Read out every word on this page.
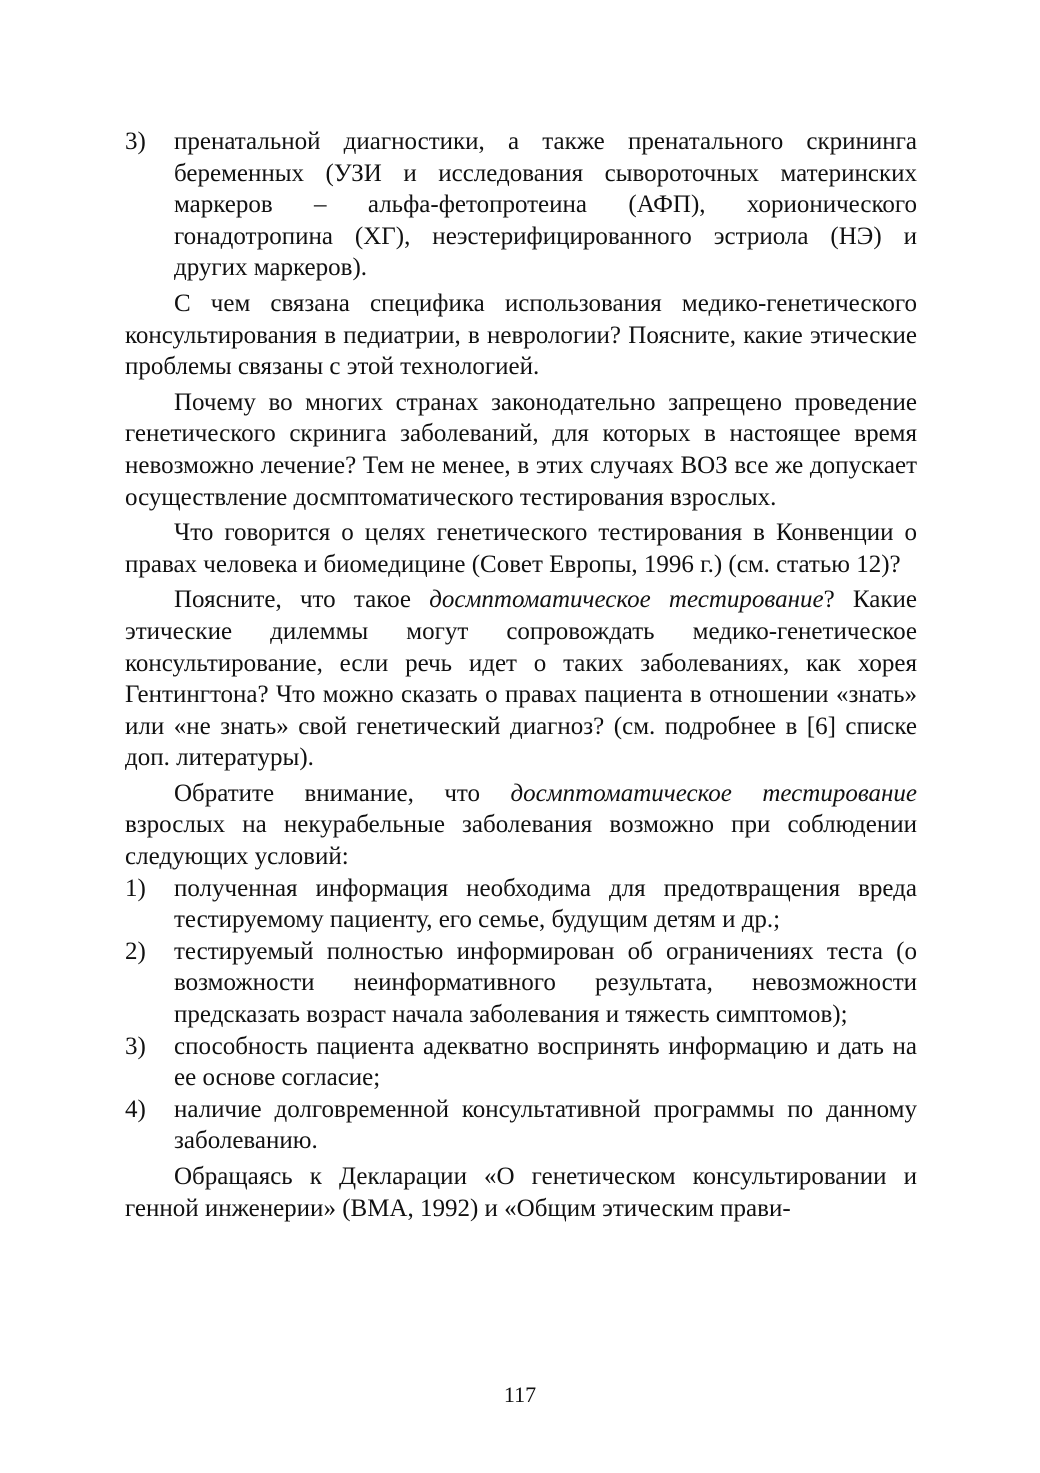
3)	пренатальной диагностики, а также пренатального скрининга беременных (УЗИ и исследования сывороточных материнских маркеров – альфа-фетопротеина (АФП), хорионического гонадотропина (ХГ), неэстерифицированного эстриола (НЭ) и других маркеров).
С чем связана специфика использования медико-генетического консультирования в педиатрии, в неврологии? Поясните, какие этические проблемы связаны с этой технологией.
Почему во многих странах законодательно запрещено проведение генетического скринига заболеваний, для которых в настоящее время невозможно лечение? Тем не менее, в этих случаях ВОЗ все же допускает осуществление досмптоматического тестирования взрослых.
Что говорится о целях генетического тестирования в Конвенции о правах человека и биомедицине (Совет Европы, 1996 г.) (см. статью 12)?
Поясните, что такое досмптоматическое тестирование? Какие этические дилеммы могут сопровождать медико-генетическое консультирование, если речь идет о таких заболеваниях, как хорея Гентингтона? Что можно сказать о правах пациента в отношении «знать» или «не знать» свой генетический диагноз? (см. подробнее в [6] списке доп. литературы).
Обратите внимание, что досмптоматическое тестирование взрослых на некурабельные заболевания возможно при соблюдении следующих условий:
1)	полученная информация необходима для предотвращения вреда тестируемому пациенту, его семье, будущим детям и др.;
2)	тестируемый полностью информирован об ограничениях теста (о возможности неинформативного результата, невозможности предсказать возраст начала заболевания и тяжесть симптомов);
3)	способность пациента адекватно воспринять информацию и дать на ее основе согласие;
4)	наличие долговременной консультативной программы по данному заболеванию.
Обращаясь к Декларации «О генетическом консультировании и генной инженерии» (ВМА, 1992) и «Общим этическим прави-
117
